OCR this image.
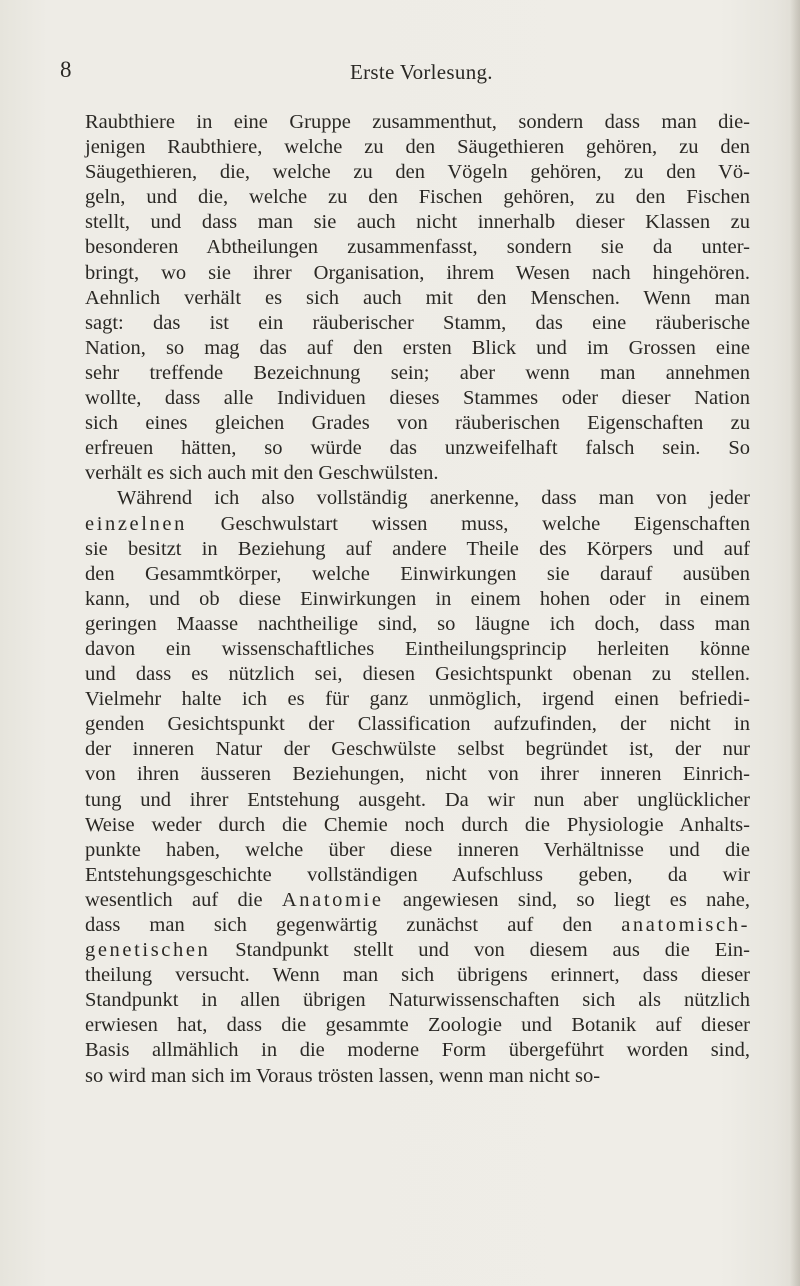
8	Erste Vorlesung.
Raubthiere in eine Gruppe zusammenthut, sondern dass man die-
jenigen Raubthiere, welche zu den Säugethieren gehören, zu den
Säugethieren, die, welche zu den Vögeln gehören, zu den Vö-
geln, und die, welche zu den Fischen gehören, zu den Fischen
stellt, und dass man sie auch nicht innerhalb dieser Klassen zu
besonderen Abtheilungen zusammenfasst, sondern sie da unter-
bringt, wo sie ihrer Organisation, ihrem Wesen nach hingehören.
Aehnlich verhält es sich auch mit den Menschen. Wenn man
sagt: das ist ein räuberischer Stamm, das eine räuberische
Nation, so mag das auf den ersten Blick und im Grossen eine
sehr treffende Bezeichnung sein; aber wenn man annehmen
wollte, dass alle Individuen dieses Stammes oder dieser Nation
sich eines gleichen Grades von räuberischen Eigenschaften zu
erfreuen hätten, so würde das unzweifelhaft falsch sein. So
verhält es sich auch mit den Geschwülsten.
Während ich also vollständig anerkenne, dass man von jeder
einzelnen Geschwulstart wissen muss, welche Eigenschaften
sie besitzt in Beziehung auf andere Theile des Körpers und auf
den Gesammtkörper, welche Einwirkungen sie darauf ausüben
kann, und ob diese Einwirkungen in einem hohen oder in einem
geringen Maasse nachtheilige sind, so läugne ich doch, dass man
davon ein wissenschaftliches Eintheilungsprincip herleiten könne
und dass es nützlich sei, diesen Gesichtspunkt obenan zu stellen.
Vielmehr halte ich es für ganz unmöglich, irgend einen befriedi-
genden Gesichtspunkt der Classification aufzufinden, der nicht in
der inneren Natur der Geschwülste selbst begründet ist, der nur
von ihren äusseren Beziehungen, nicht von ihrer inneren Einrich-
tung und ihrer Entstehung ausgeht. Da wir nun aber unglücklicher
Weise weder durch die Chemie noch durch die Physiologie Anhalts-
punkte haben, welche über diese inneren Verhältnisse und die
Entstehungsgeschichte vollständigen Aufschluss geben, da wir
wesentlich auf die Anatomie angewiesen sind, so liegt es nahe,
dass man sich gegenwärtig zunächst auf den anatomisch-
genetischen Standpunkt stellt und von diesem aus die Ein-
theilung versucht. Wenn man sich übrigens erinnert, dass dieser
Standpunkt in allen übrigen Naturwissenschaften sich als nützlich
erwiesen hat, dass die gesammte Zoologie und Botanik auf dieser
Basis allmählich in die moderne Form übergeführt worden sind,
so wird man sich im Voraus trösten lassen, wenn man nicht so-
